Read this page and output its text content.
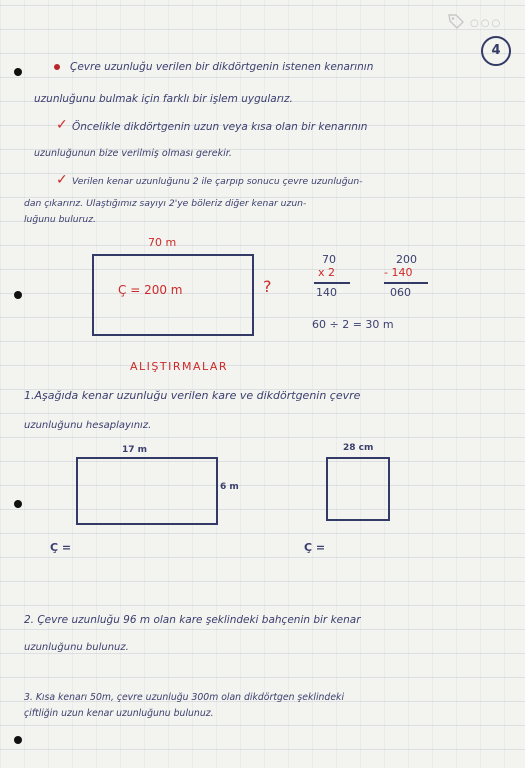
○○○
4
Çevre uzunluğu verilen bir dikdörtgenin istenen kenarının
uzunluğunu bulmak için farklı bir işlem uygularız.
✓ Öncelikle dikdörtgenin uzun veya kısa olan bir kenarının
uzunluğunun bize verilmiş olması gerekir.
✓ Verilen kenar uzunluğunu 2 ile çarpıp sonucu çevre uzunluğun-
dan çıkarırız. Ulaştığımız sayıyı 2'ye böleriz diğer kenar uzun-
luğunu buluruz.
70 m
Ç = 200 m	?
70
x 2
140
200
- 140
060
60 ÷ 2 = 30 m
ALIŞTIRMALAR
1.Aşağıda kenar uzunluğu verilen kare ve dikdörtgenin çevre
uzunluğunu hesaplayınız.
17 m
6 m
Ç =
28 cm
Ç =
2. Çevre uzunluğu 96 m olan kare şeklindeki bahçenin bir kenar
uzunluğunu bulunuz.
3. Kısa kenarı 50m, çevre uzunluğu 300m olan dikdörtgen şeklindeki
çiftliğin uzun kenar uzunluğunu bulunuz.
